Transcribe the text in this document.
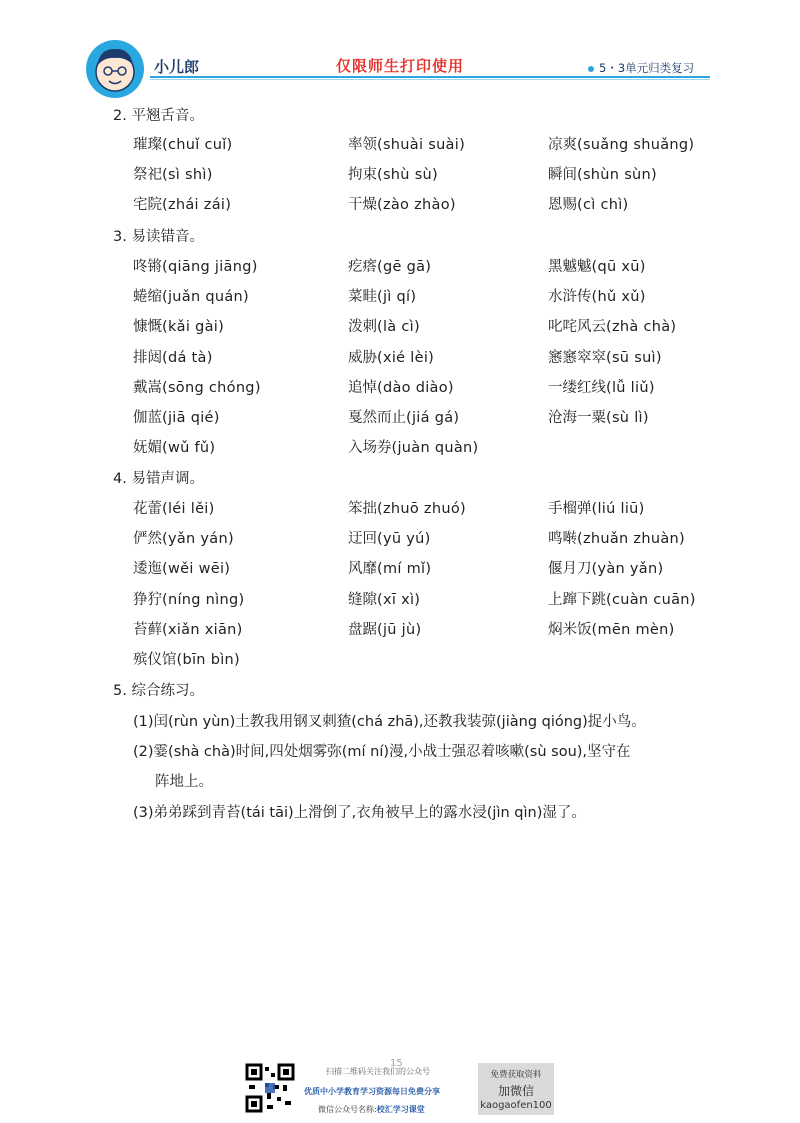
小儿郎	仅限师生打印使用	5・3单元归类复习
2. 平翘舌音。
璀璨(chuǐ cuǐ)	率领(shuài suài)	凉爽(suǎng shuǎng)
祭祀(sì shì)	拘束(shù sù)	瞬间(shùn sùn)
宅院(zhái zái)	干燥(zào zhào)	恩赐(cì chì)
3. 易读错音。
咚锵(qiāng jiāng)	疙瘩(gē gā)	黑魆魆(qū xū)
蜷缩(juǎn quán)	菜畦(jì qí)	水浒传(hǔ xǔ)
慷慨(kǎi gài)	泼刺(là cì)	叱咤风云(zhà chà)
排闼(dá tà)	威胁(xié lèi)	窸窸窣窣(sū suì)
戴嵩(sōng chóng)	追悼(dào diào)	一缕红线(lǚ liǔ)
伽蓝(jiā qié)	戛然而止(jiá gá)	沧海一粟(sù lì)
妩媚(wǔ fǔ)	入场券(juàn quàn)
4. 易错声调。
花蕾(léi lěi)	笨拙(zhuō zhuó)	手榴弹(liú liū)
俨然(yǎn yán)	迂回(yū yú)	鸣啭(zhuǎn zhuàn)
逶迤(wěi wēi)	风靡(mí mǐ)	偃月刀(yàn yǎn)
狰狞(níng nìng)	缝隙(xī xì)	上蹿下跳(cuàn cuān)
苔藓(xiǎn xiān)	盘踞(jū jù)	焖米饭(mēn mèn)
殡仪馆(bīn bìn)
5. 综合练习。
(1)闰(rùn yùn)土教我用钢叉刺猹(chá zhā),还教我装弶(jiàng qióng)捉小鸟。
(2)霎(shà chà)时间,四处烟雾弥(mí ní)漫,小战士强忍着咳嗽(sù sou),坚守在
阵地上。
(3)弟弟踩到青苔(tái tāi)上滑倒了,衣角被早上的露水浸(jìn qìn)湿了。
扫描二维码关注我们的公众号
15
优质中小学教育学习资源每日免费分享
微信公众号名称:校汇学习课堂
免费获取资料
加微信
kaogaofen100
